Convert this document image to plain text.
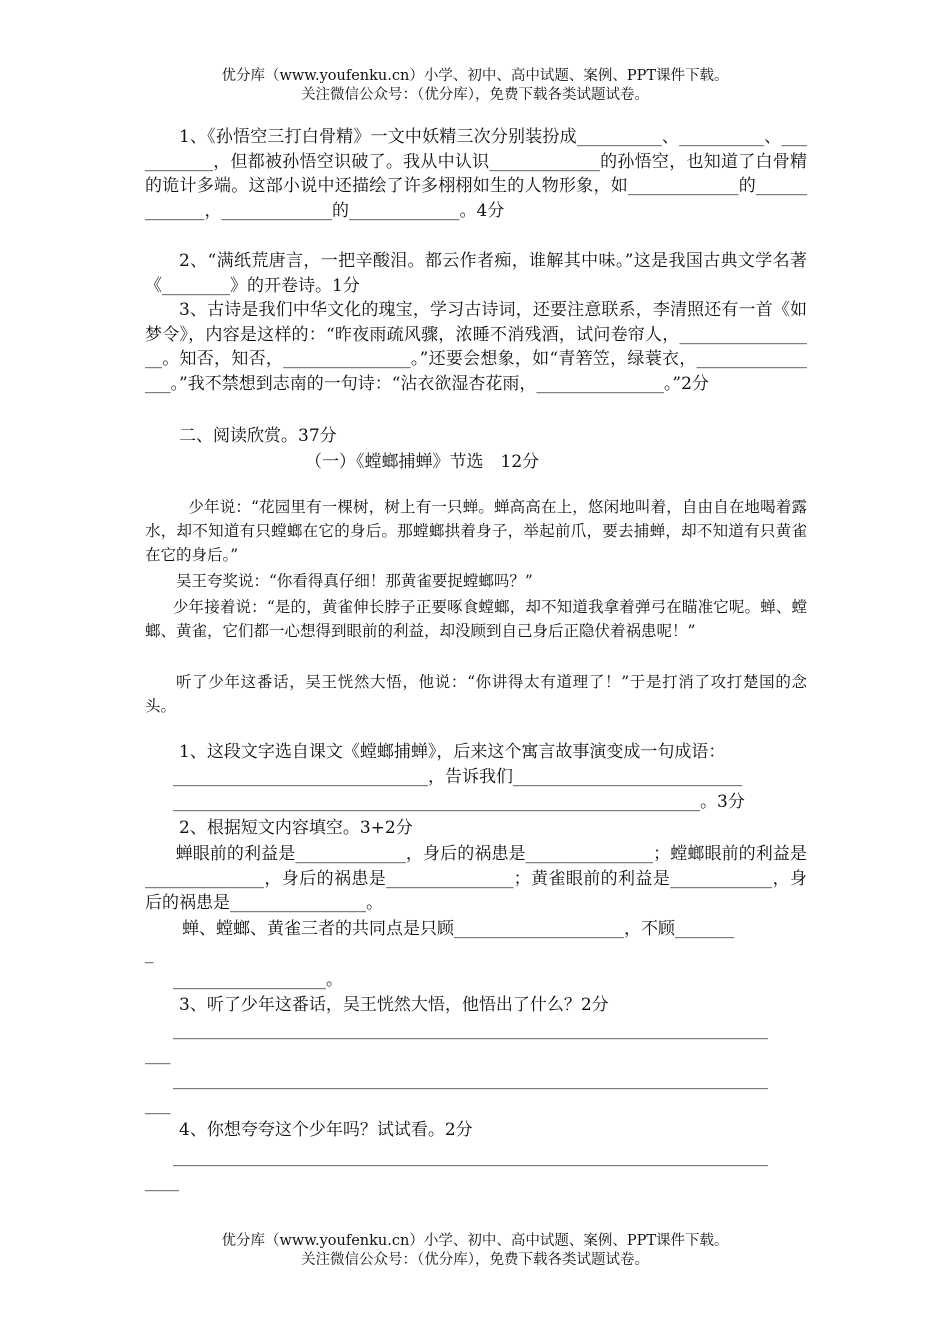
优分库（www.youfenku.cn）小学、初中、高中试题、案例、PPT课件下载。
关注微信公众号：（优分库），免费下载各类试题试卷。

1、《孙悟空三打白骨精》一文中妖精三次分别装扮成__________、__________、___________，但都被孙悟空识破了。我从中认识_____________的孙悟空，也知道了白骨精的诡计多端。这部小说中还描绘了许多栩栩如生的人物形象，如_____________的_____________，_____________的_____________。4分

2、“满纸荒唐言，一把辛酸泪。都云作者痴，谁解其中味。”这是我国古典文学名著《________》的开卷诗。1分

3、古诗是我们中华文化的瑰宝，学习古诗词，还要注意联系，李清照还有一首《如梦令》，内容是这样的：“昨夜雨疏风骤，浓睡不消残酒，试问卷帘人，_________________。知否，知否，_______________。”还要会想象，如“青箬笠，绿蓑衣，________________。”我不禁想到志南的一句诗：“沾衣欲湿杏花雨，_______________。”2分

二、阅读欣赏。37分

（一）《螳螂捕蝉》节选　12分

少年说：“花园里有一棵树，树上有一只蝉。蝉高高在上，悠闲地叫着，自由自在地喝着露水，却不知道有只螳螂在它的身后。那螳螂拱着身子，举起前爪，要去捕蝉，却不知道有只黄雀在它的身后。”

吴王夸奖说：“你看得真仔细！那黄雀要捉螳螂吗？”

少年接着说：“是的，黄雀伸长脖子正要啄食螳螂，却不知道我拿着弹弓在瞄准它呢。蝉、螳螂、黄雀，它们都一心想得到眼前的利益，却没顾到自己身后正隐伏着祸患呢！”

听了少年这番话，吴王恍然大悟，他说：“你讲得太有道理了！”于是打消了攻打楚国的念头。

1、这段文字选自课文《螳螂捕蝉》，后来这个寓言故事演变成一句成语：

______________________________，告诉我们___________________________

______________________________________________________________。3分

2、根据短文内容填空。3+2分

蝉眼前的利益是_____________，身后的祸患是_______________；螳螂眼前的利益是______________，身后的祸患是_______________；黄雀眼前的利益是____________，身后的祸患是________________。

蝉、螳螂、黄雀三者的共同点是只顾____________________，不顾_______

_

__________________。

3、听了少年这番话，吴王恍然大悟，他悟出了什么？2分

______________________________________________________________________

___

______________________________________________________________________

___

4、你想夸夸这个少年吗？试试看。2分

______________________________________________________________________

____

优分库（www.youfenku.cn）小学、初中、高中试题、案例、PPT课件下载。
关注微信公众号：（优分库），免费下载各类试题试卷。
